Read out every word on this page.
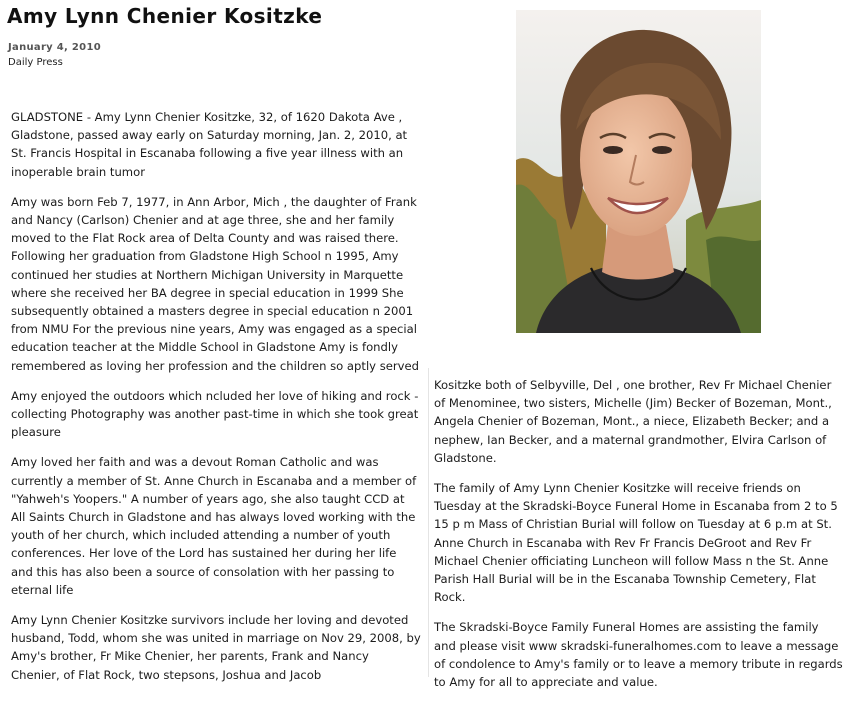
Amy Lynn Chenier Kositzke
January 4, 2010
Daily Press

GLADSTONE - Amy Lynn Chenier Kositzke, 32, of 1620 Dakota Ave , Gladstone, passed away early on Saturday morning, Jan. 2, 2010, at St. Francis Hospital in Escanaba following a five year illness with an inoperable brain tumor

Amy was born Feb 7, 1977, in Ann Arbor, Mich , the daughter of Frank and Nancy (Carlson) Chenier and at age three, she and her family moved to the Flat Rock area of Delta County and was raised there. Following her graduation from Gladstone High School n 1995, Amy continued her studies at Northern Michigan University in Marquette where she received her BA degree in special education in 1999 She subsequently obtained a masters degree in special education n 2001 from NMU For the previous nine years, Amy was engaged as a special education teacher at the Middle School in Gladstone Amy is fondly remembered as loving her profession and the children so aptly served

Amy enjoyed the outdoors which ncluded her love of hiking and rock -collecting Photography was another past-time in which she took great pleasure

Amy loved her faith and was a devout Roman Catholic and was currently a member of St. Anne Church in Escanaba and a member of "Yahweh's Yoopers." A number of years ago, she also taught CCD at All Saints Church in Gladstone and has always loved working with the youth of her church, which included attending a number of youth conferences. Her love of the Lord has sustained her during her life and this has also been a source of consolation with her passing to eternal life

Amy Lynn Chenier Kositzke survivors include her loving and devoted husband, Todd, whom she was united in marriage on Nov 29, 2008, by Amy's brother, Fr Mike Chenier, her parents, Frank and Nancy Chenier, of Flat Rock, two stepsons, Joshua and Jacob

Kositzke both of Selbyville, Del , one brother, Rev Fr Michael Chenier of Menominee, two sisters, Michelle (Jim) Becker of Bozeman, Mont., Angela Chenier of Bozeman, Mont., a niece, Elizabeth Becker; and a nephew, Ian Becker, and a maternal grandmother, Elvira Carlson of Gladstone.

The family of Amy Lynn Chenier Kositzke will receive friends on Tuesday at the Skradski-Boyce Funeral Home in Escanaba from 2 to 5 15 p m Mass of Christian Burial will follow on Tuesday at 6 p.m at St. Anne Church in Escanaba with Rev Fr Francis DeGroot and Rev Fr Michael Chenier officiating Luncheon will follow Mass n the St. Anne Parish Hall Burial will be in the Escanaba Township Cemetery, Flat Rock.

The Skradski-Boyce Family Funeral Homes are assisting the family and please visit www skradski-funeralhomes.com to leave a message of condolence to Amy's family or to leave a memory tribute in regards to Amy for all to appreciate and value.
